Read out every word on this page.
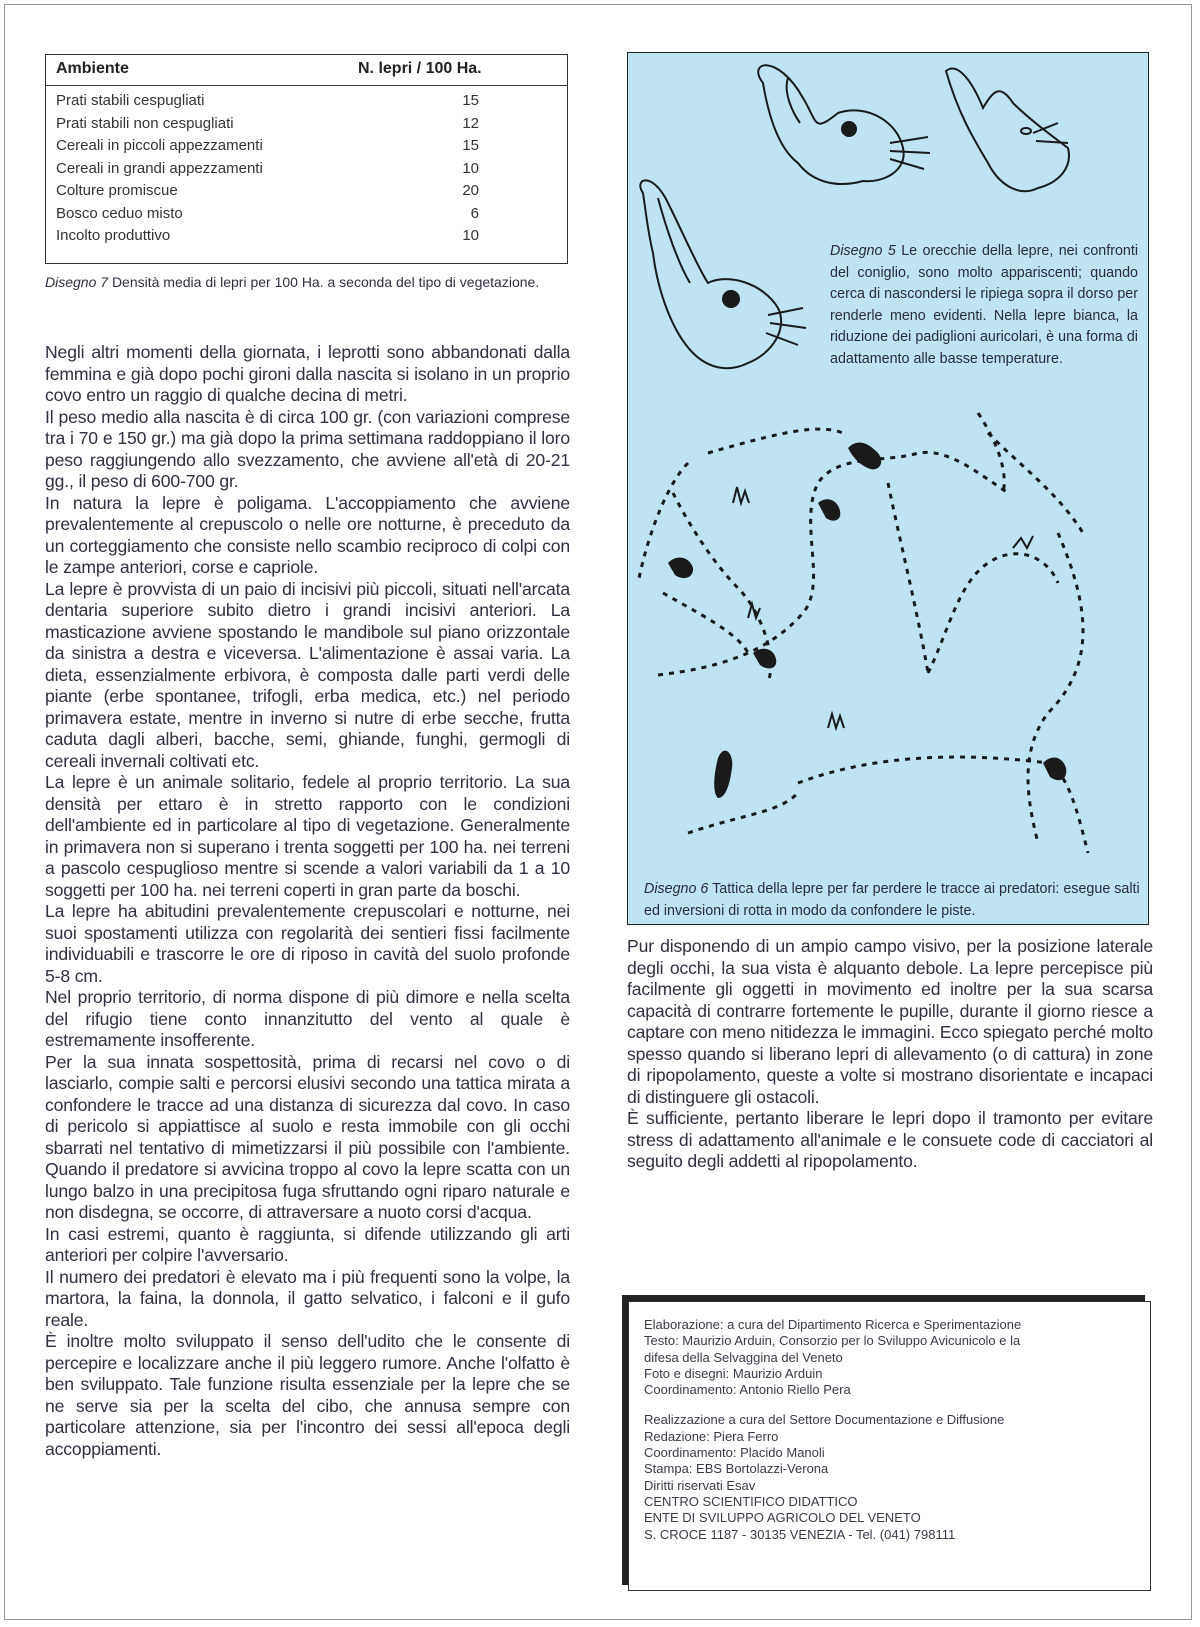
Ambiente	N. lepri / 100 Ha.
Prati stabili cespugliati	15
Prati stabili non cespugliati	12
Cereali in piccoli appezzamenti	15
Cereali in grandi appezzamenti	10
Colture promiscue	20
Bosco ceduo misto	6
Incolto produttivo	10
Disegno 7 Densità media di lepri per 100 Ha. a seconda del tipo di vegetazione.

Negli altri momenti della giornata, i leprotti sono abbandonati dalla femmina e già dopo pochi gironi dalla nascita si isolano in un proprio covo entro un raggio di qualche decina di metri.

Il peso medio alla nascita è di circa 100 gr. (con variazioni comprese tra i 70 e 150 gr.) ma già dopo la prima settimana raddoppiano il loro peso raggiungendo allo svezzamento, che avviene all'età di 20-21 gg., il peso di 600-700 gr.

In natura la lepre è poligama. L'accoppiamento che avviene prevalentemente al crepuscolo o nelle ore notturne, è preceduto da un corteggiamento che consiste nello scambio reciproco di colpi con le zampe anteriori, corse e capriole.

La lepre è provvista di un paio di incisivi più piccoli, situati nell'arcata dentaria superiore subito dietro i grandi incisivi anteriori. La masticazione avviene spostando le mandibole sul piano orizzontale da sinistra a destra e viceversa. L'alimentazione è assai varia. La dieta, essenzialmente erbivora, è composta dalle parti verdi delle piante (erbe spontanee, trifogli, erba medica, etc.) nel periodo primavera estate, mentre in inverno si nutre di erbe secche, frutta caduta dagli alberi, bacche, semi, ghiande, funghi, germogli di cereali invernali coltivati etc.

La lepre è un animale solitario, fedele al proprio territorio. La sua densità per ettaro è in stretto rapporto con le condizioni dell'ambiente ed in particolare al tipo di vegetazione. Generalmente in primavera non si superano i trenta soggetti per 100 ha. nei terreni a pascolo cespuglioso mentre si scende a valori variabili da 1 a 10 soggetti per 100 ha. nei terreni coperti in gran parte da boschi.

La lepre ha abitudini prevalentemente crepuscolari e notturne, nei suoi spostamenti utilizza con regolarità dei sentieri fissi facilmente individuabili e trascorre le ore di riposo in cavità del suolo profonde 5-8 cm.

Nel proprio territorio, di norma dispone di più dimore e nella scelta del rifugio tiene conto innanzitutto del vento al quale è estremamente insofferente.

Per la sua innata sospettosità, prima di recarsi nel covo o di lasciarlo, compie salti e percorsi elusivi secondo una tattica mirata a confondere le tracce ad una distanza di sicurezza dal covo. In caso di pericolo si appiattisce al suolo e resta immobile con gli occhi sbarrati nel tentativo di mimetizzarsi il più possibile con l'ambiente. Quando il predatore si avvicina troppo al covo la lepre scatta con un lungo balzo in una precipitosa fuga sfruttando ogni riparo naturale e non disdegna, se occorre, di attraversare a nuoto corsi d'acqua.

In casi estremi, quanto è raggiunta, si difende utilizzando gli arti anteriori per colpire l'avversario.

Il numero dei predatori è elevato ma i più frequenti sono la volpe, la martora, la faina, la donnola, il gatto selvatico, i falconi e il gufo reale.

È inoltre molto sviluppato il senso dell'udito che le consente di percepire e localizzare anche il più leggero rumore. Anche l'olfatto è ben sviluppato. Tale funzione risulta essenziale per la lepre che se ne serve sia per la scelta del cibo, che annusa sempre con particolare attenzione, sia per l'incontro dei sessi all'epoca degli accoppiamenti.

Disegno 5 Le orecchie della lepre, nei confronti del coniglio, sono molto appariscenti; quando cerca di nascondersi le ripiega sopra il dorso per renderle meno evidenti. Nella lepre bianca, la riduzione dei padiglioni auricolari, è una forma di adattamento alle basse temperature.
Disegno 6 Tattica della lepre per far perdere le tracce ai predatori: esegue salti ed inversioni di rotta in modo da confondere le piste.

Pur disponendo di un ampio campo visivo, per la posizione laterale degli occhi, la sua vista è alquanto debole. La lepre percepisce più facilmente gli oggetti in movimento ed inoltre per la sua scarsa capacità di contrarre fortemente le pupille, durante il giorno riesce a captare con meno nitidezza le immagini. Ecco spiegato perché molto spesso quando si liberano lepri di allevamento (o di cattura) in zone di ripopolamento, queste a volte si mostrano disorientate e incapaci di distinguere gli ostacoli.

È sufficiente, pertanto liberare le lepri dopo il tramonto per evitare stress di adattamento all'animale e le consuete code di cacciatori al seguito degli addetti al ripopolamento.

Elaborazione: a cura del Dipartimento Ricerca e Sperimentazione
Testo: Maurizio Arduin, Consorzio per lo Sviluppo Avicunicolo e la
difesa della Selvaggina del Veneto
Foto e disegni: Maurizio Arduin
Coordinamento: Antonio Riello Pera
Realizzazione a cura del Settore Documentazione e Diffusione
Redazione: Piera Ferro
Coordinamento: Placido Manoli
Stampa: EBS Bortolazzi-Verona
Diritti riservati Esav
CENTRO SCIENTIFICO DIDATTICO
ENTE DI SVILUPPO AGRICOLO DEL VENETO
S. CROCE 1187 - 30135 VENEZIA - Tel. (041) 798111
